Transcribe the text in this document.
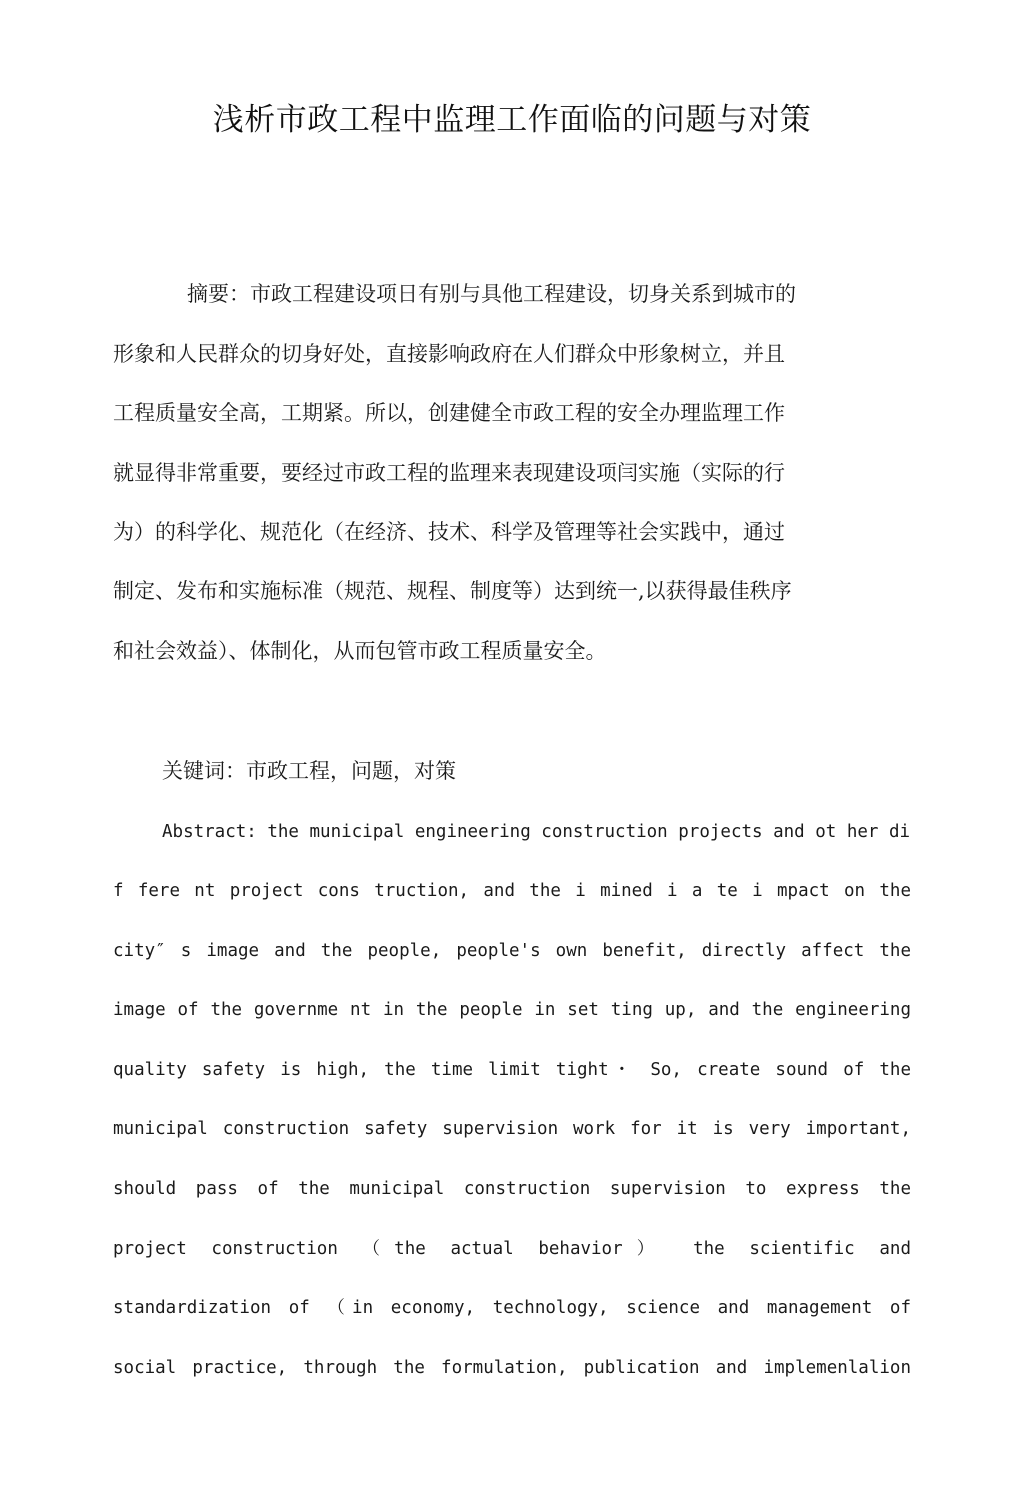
浅析市政工程中监理工作面临的问题与对策
摘要：市政工程建设项日有别与具他工程建设，切身关系到城市的
形象和人民群众的切身好处，直接影响政府在人们群众中形象树立，并且
工程质量安全高，工期紧。所以，创建健全市政工程的安全办理监理工作
就显得非常重要，要经过市政工程的监理来表现建设项闫实施（实际的行
为）的科学化、规范化（在经济、技术、科学及管理等社会实践中，通过
制定、发布和实施标准（规范、规程、制度等）达到统一,以获得最佳秩序
和社会效益）、体制化，从而包管市政工程质量安全。
关键词：市政工程，问题，对策
Abstract: the municipal engineering construction projects and ot her di
f fere nt project cons truction, and the i mined i a te i mpact on the
city″ s image and the people, people's own benefit, directly affect the
image of the governme nt in the people in set ting up, and the engineering
quality safety is high, the time limit tight・ So, create sound of the
municipal construction safety supervision work for it is very important,
should pass of the municipal construction supervision to express the
project construction （the actual behavior） the scientific and
standardization of （in economy, technology, science and management of
social practice, through the formulation, publication and implemenlalion
